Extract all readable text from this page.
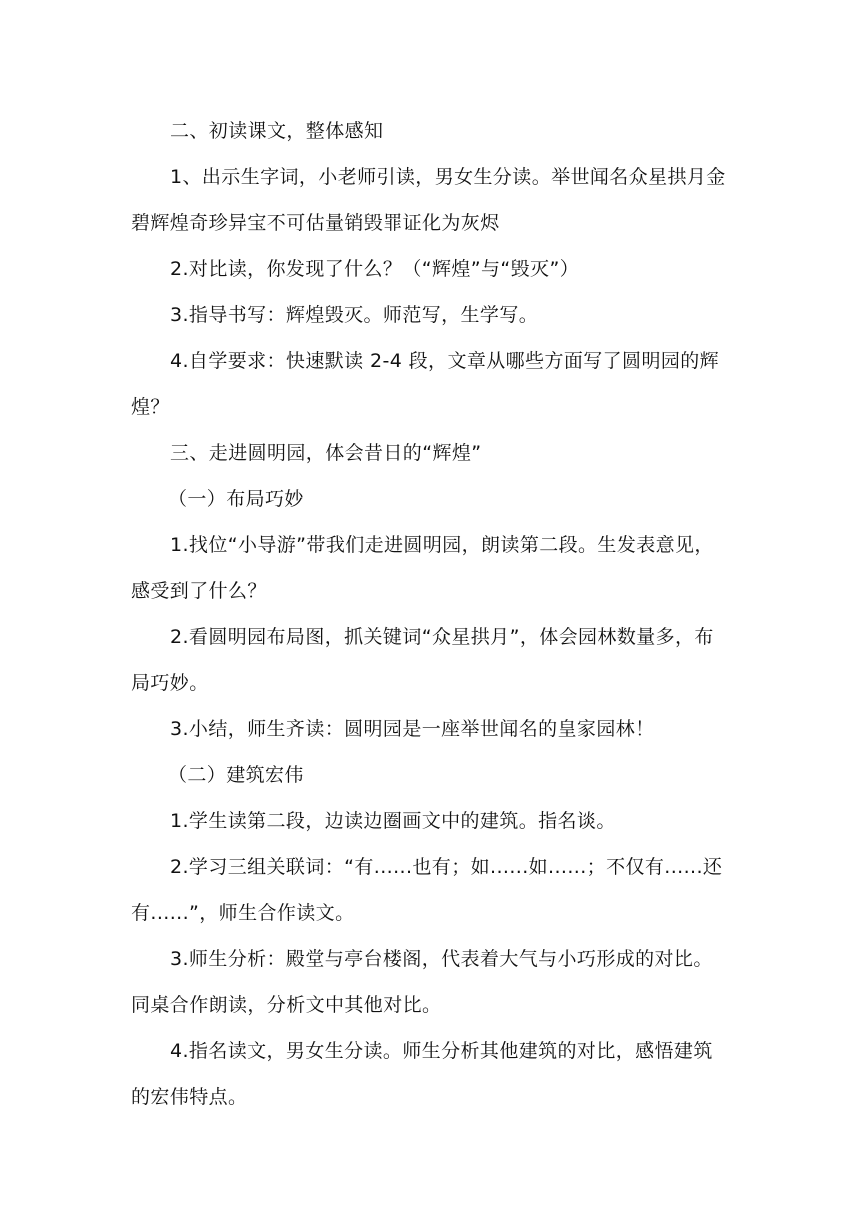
二、初读课文，整体感知

1、出示生字词，小老师引读，男女生分读。举世闻名众星拱月金碧辉煌奇珍异宝不可估量销毁罪证化为灰烬

2.对比读，你发现了什么？（“辉煌”与“毁灭”）

3.指导书写：辉煌毁灭。师范写，生学写。

4.自学要求：快速默读 2-4 段，文章从哪些方面写了圆明园的辉煌？

三、走进圆明园，体会昔日的“辉煌”

（一）布局巧妙

1.找位“小导游”带我们走进圆明园，朗读第二段。生发表意见，感受到了什么？

2.看圆明园布局图，抓关键词“众星拱月”，体会园林数量多，布局巧妙。

3.小结，师生齐读：圆明园是一座举世闻名的皇家园林！

（二）建筑宏伟

1.学生读第二段，边读边圈画文中的建筑。指名谈。

2.学习三组关联词：“有......也有；如......如......；不仅有......还有......”，师生合作读文。

3.师生分析：殿堂与亭台楼阁，代表着大气与小巧形成的对比。同桌合作朗读，分析文中其他对比。

4.指名读文，男女生分读。师生分析其他建筑的对比，感悟建筑的宏伟特点。
